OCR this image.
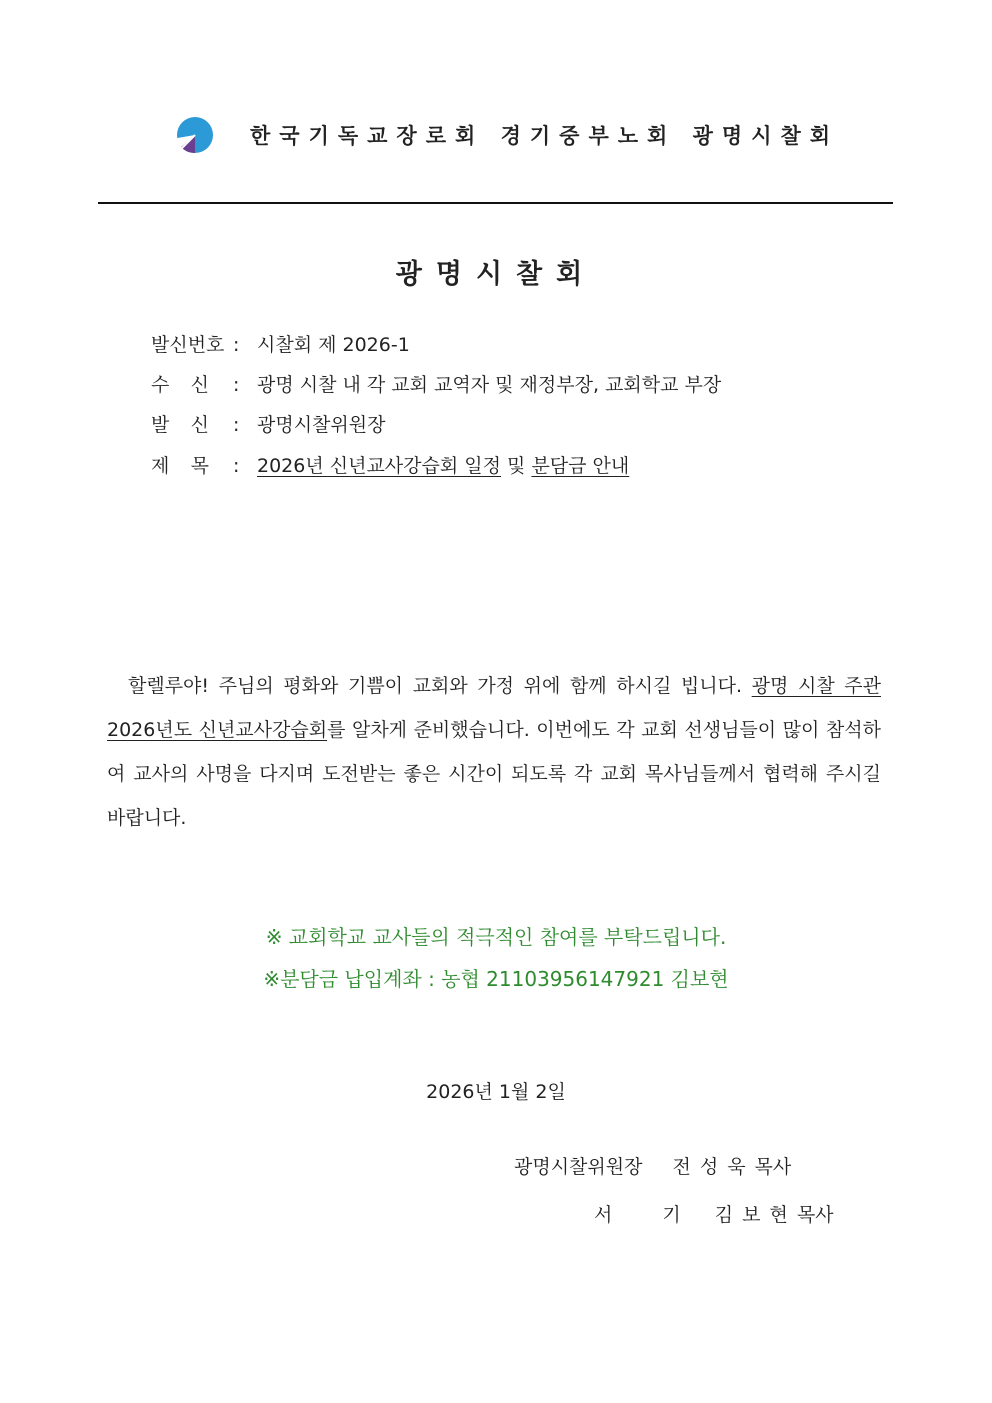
한국기독교장로회 경기중부노회 광명시찰회
광명시찰회
발신번호 : 시찰회 제 2026-1
수 신 : 광명 시찰 내 각 교회 교역자 및 재정부장, 교회학교 부장
발 신 : 광명시찰위원장
제 목 : 2026년 신년교사강습회 일정 및 분담금 안내
할렐루야! 주님의 평화와 기쁨이 교회와 가정 위에 함께 하시길 빕니다. 광명 시찰 주관 2026년도 신년교사강습회를 알차게 준비했습니다. 이번에도 각 교회 선생님들이 많이 참석하여 교사의 사명을 다지며 도전받는 좋은 시간이 되도록 각 교회 목사님들께서 협력해 주시길 바랍니다.
※ 교회학교 교사들의 적극적인 참여를 부탁드립니다.
※분담금 납입계좌 : 농협 21103956147921 김보현
2026년 1월 2일
광명시찰위원장 전성욱목사
서 기 김보현목사
